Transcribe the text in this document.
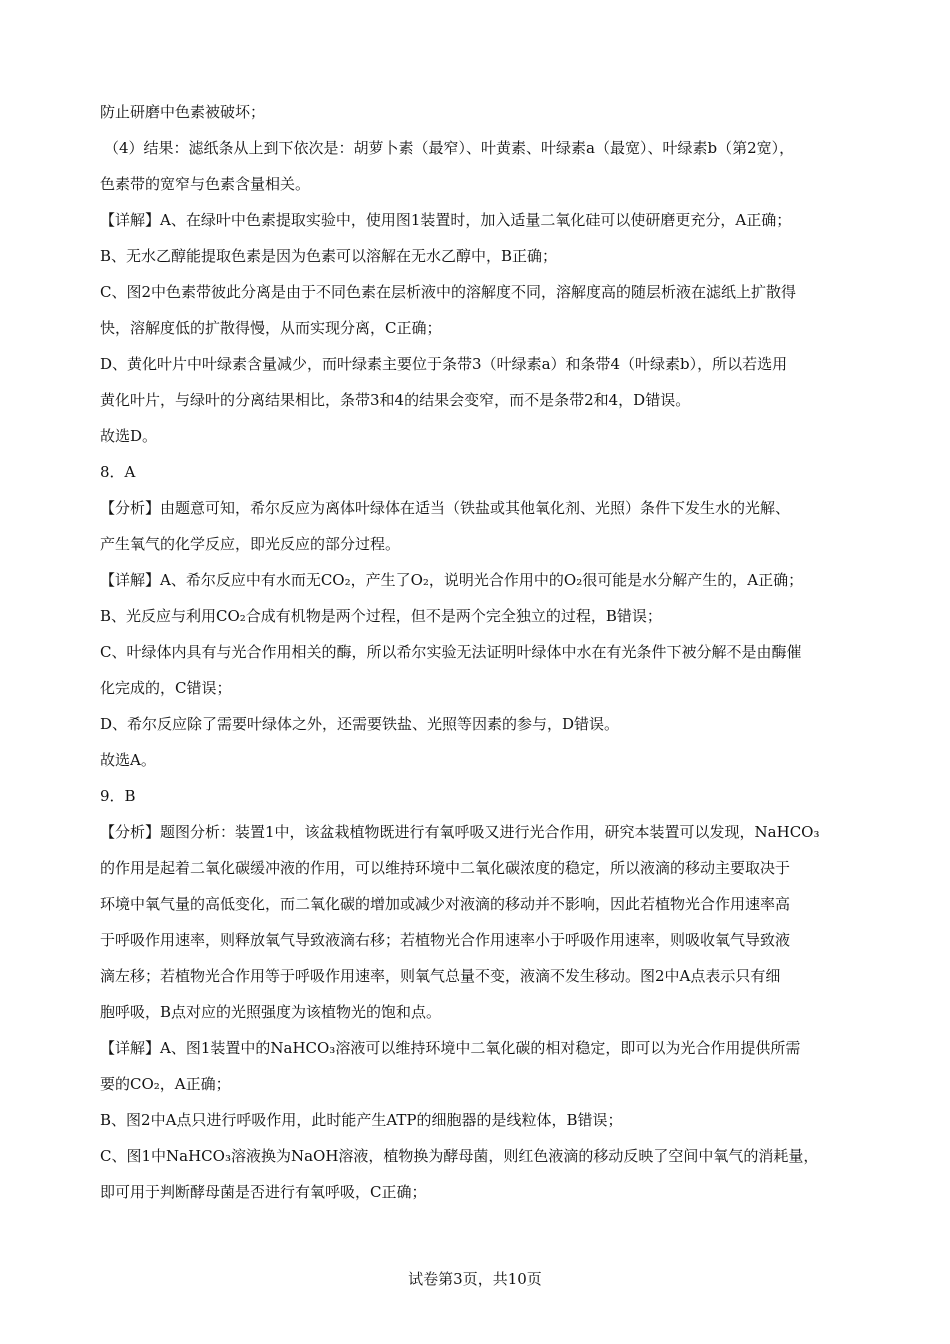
防止研磨中色素被破坏；
（4）结果：滤纸条从上到下依次是：胡萝卜素（最窄）、叶黄素、叶绿素a（最宽）、叶绿素b（第2宽），
色素带的宽窄与色素含量相关。
【详解】A、在绿叶中色素提取实验中，使用图1装置时，加入适量二氧化硅可以使研磨更充分，A正确；
B、无水乙醇能提取色素是因为色素可以溶解在无水乙醇中，B正确；
C、图2中色素带彼此分离是由于不同色素在层析液中的溶解度不同，溶解度高的随层析液在滤纸上扩散得
快，溶解度低的扩散得慢，从而实现分离，C正确；
D、黄化叶片中叶绿素含量减少，而叶绿素主要位于条带3（叶绿素a）和条带4（叶绿素b），所以若选用
黄化叶片，与绿叶的分离结果相比，条带3和4的结果会变窄，而不是条带2和4，D错误。
故选D。
8．A
【分析】由题意可知，希尔反应为离体叶绿体在适当（铁盐或其他氧化剂、光照）条件下发生水的光解、
产生氧气的化学反应，即光反应的部分过程。
【详解】A、希尔反应中有水而无CO₂，产生了O₂，说明光合作用中的O₂很可能是水分解产生的，A正确；
B、光反应与利用CO₂合成有机物是两个过程，但不是两个完全独立的过程，B错误；
C、叶绿体内具有与光合作用相关的酶，所以希尔实验无法证明叶绿体中水在有光条件下被分解不是由酶催
化完成的，C错误；
D、希尔反应除了需要叶绿体之外，还需要铁盐、光照等因素的参与，D错误。
故选A。
9．B
【分析】题图分析：装置1中，该盆栽植物既进行有氧呼吸又进行光合作用，研究本装置可以发现，NaHCO₃
的作用是起着二氧化碳缓冲液的作用，可以维持环境中二氧化碳浓度的稳定，所以液滴的移动主要取决于
环境中氧气量的高低变化，而二氧化碳的增加或减少对液滴的移动并不影响，因此若植物光合作用速率高
于呼吸作用速率，则释放氧气导致液滴右移；若植物光合作用速率小于呼吸作用速率，则吸收氧气导致液
滴左移；若植物光合作用等于呼吸作用速率，则氧气总量不变，液滴不发生移动。图2中A点表示只有细
胞呼吸，B点对应的光照强度为该植物光的饱和点。
【详解】A、图1装置中的NaHCO₃溶液可以维持环境中二氧化碳的相对稳定，即可以为光合作用提供所需
要的CO₂，A正确；
B、图2中A点只进行呼吸作用，此时能产生ATP的细胞器的是线粒体，B错误；
C、图1中NaHCO₃溶液换为NaOH溶液，植物换为酵母菌，则红色液滴的移动反映了空间中氧气的消耗量，
即可用于判断酵母菌是否进行有氧呼吸，C正确；
试卷第3页，共10页
